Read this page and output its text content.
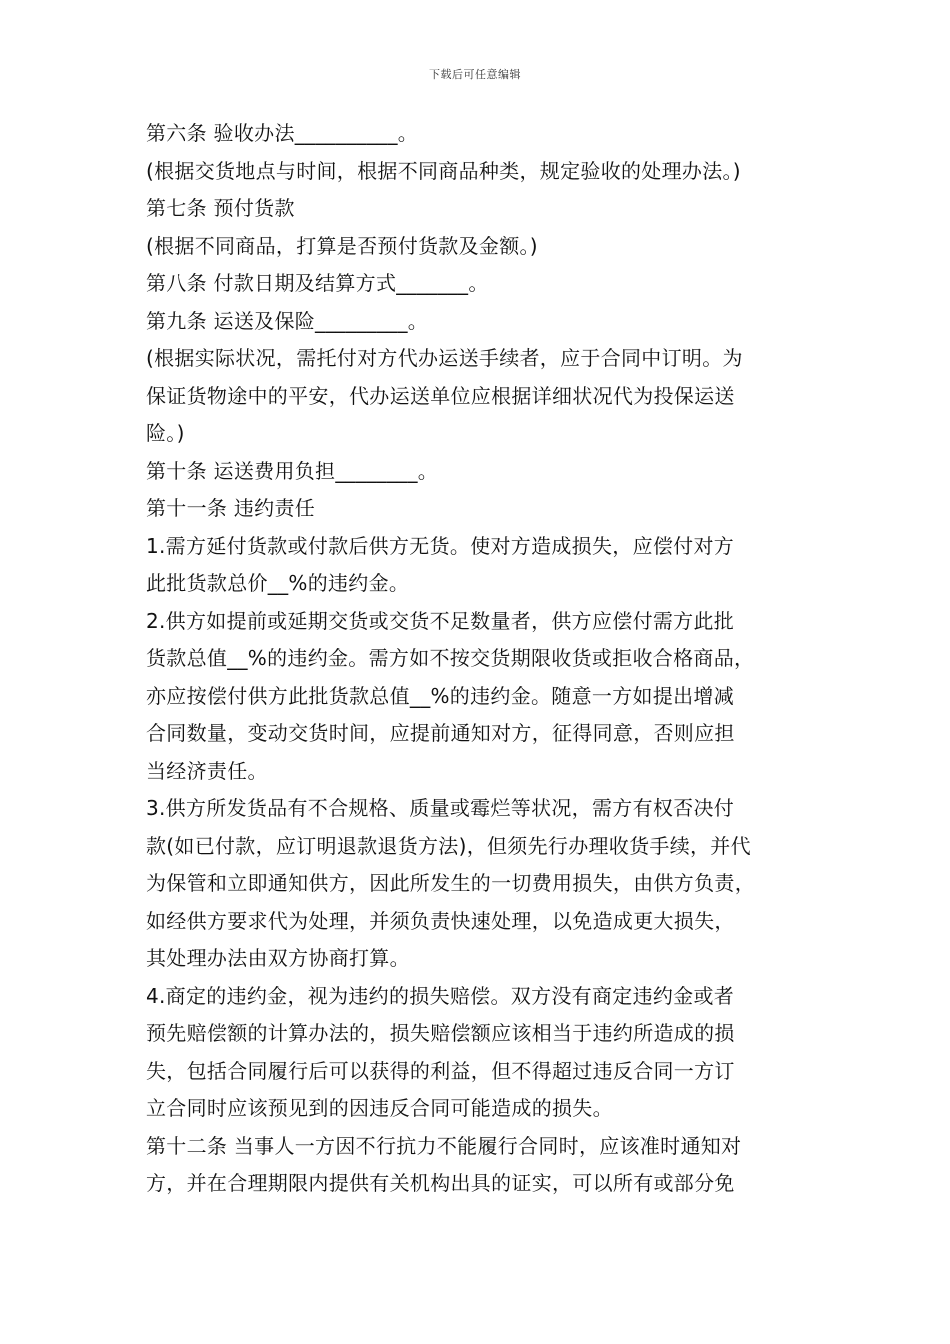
下载后可任意编辑
第六条 验收办法__________。
(根据交货地点与时间，根据不同商品种类，规定验收的处理办法。)
第七条 预付货款
(根据不同商品，打算是否预付货款及金额。)
第八条 付款日期及结算方式_______。
第九条 运送及保险_________。
(根据实际状况，需托付对方代办运送手续者，应于合同中订明。为
保证货物途中的平安，代办运送单位应根据详细状况代为投保运送
险。)
第十条 运送费用负担________。
第十一条 违约责任
1.需方延付货款或付款后供方无货。使对方造成损失，应偿付对方
此批货款总价__%的违约金。
2.供方如提前或延期交货或交货不足数量者，供方应偿付需方此批
货款总值__%的违约金。需方如不按交货期限收货或拒收合格商品，
亦应按偿付供方此批货款总值__%的违约金。随意一方如提出增减
合同数量，变动交货时间，应提前通知对方，征得同意，否则应担
当经济责任。
3.供方所发货品有不合规格、质量或霉烂等状况，需方有权否决付
款(如已付款，应订明退款退货方法)，但须先行办理收货手续，并代
为保管和立即通知供方，因此所发生的一切费用损失，由供方负责，
如经供方要求代为处理，并须负责快速处理，以免造成更大损失，
其处理办法由双方协商打算。
4.商定的违约金，视为违约的损失赔偿。双方没有商定违约金或者
预先赔偿额的计算办法的，损失赔偿额应该相当于违约所造成的损
失，包括合同履行后可以获得的利益，但不得超过违反合同一方订
立合同时应该预见到的因违反合同可能造成的损失。
第十二条 当事人一方因不行抗力不能履行合同时，应该准时通知对
方，并在合理期限内提供有关机构出具的证实，可以所有或部分免
